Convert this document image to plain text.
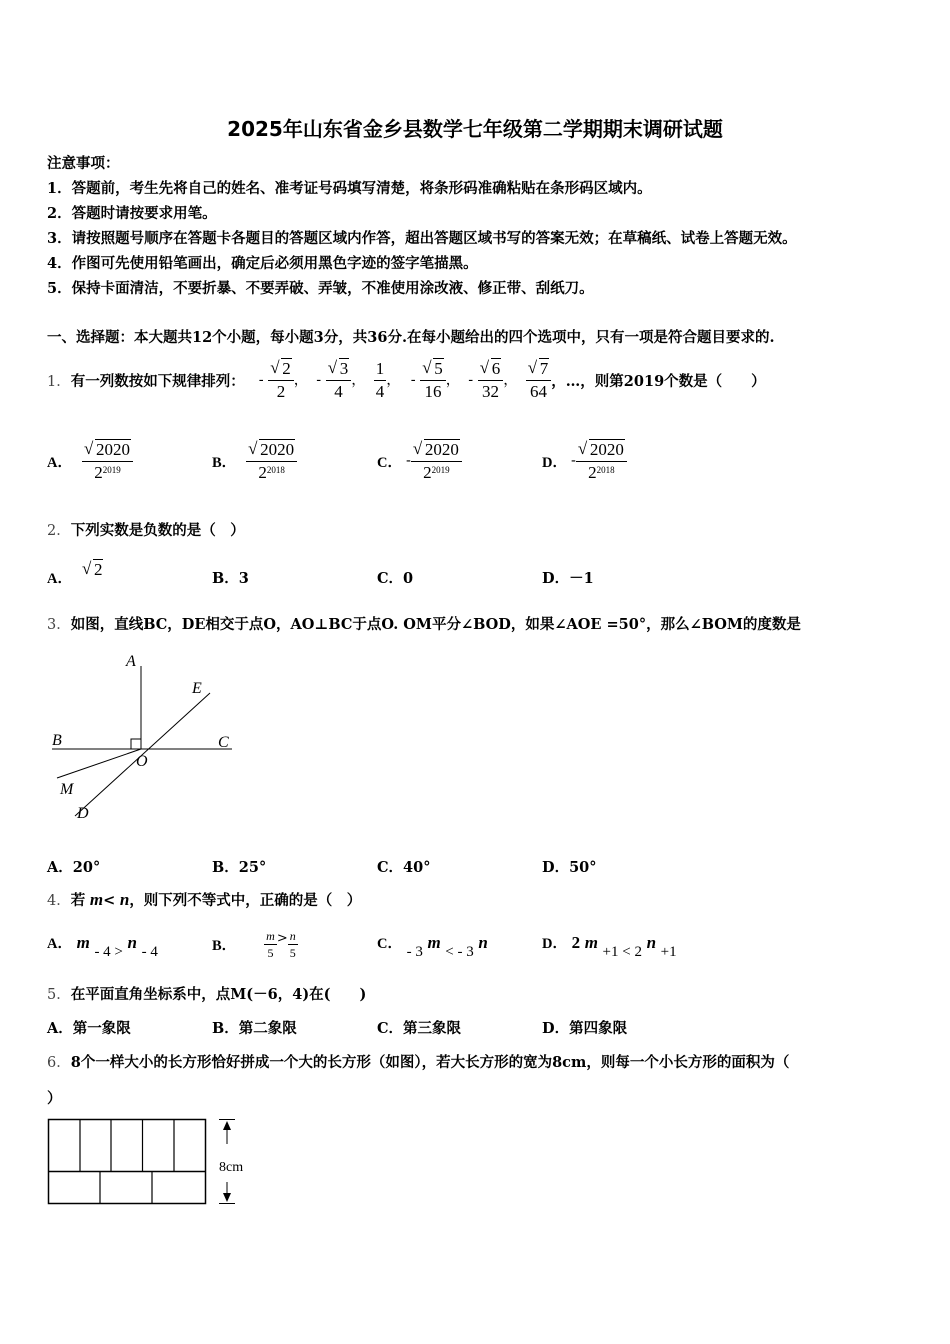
2025年山东省金乡县数学七年级第二学期期末调研试题
注意事项：
1．答题前，考生先将自己的姓名、准考证号码填写清楚，将条形码准确粘贴在条形码区域内。
2．答题时请按要求用笔。
3．请按照题号顺序在答题卡各题目的答题区域内作答，超出答题区域书写的答案无效；在草稿纸、试卷上答题无效。
4．作图可先使用铅笔画出，确定后必须用黑色字迹的签字笔描黑。
5．保持卡面清洁，不要折暴、不要弄破、弄皱，不准使用涂改液、修正带、刮纸刀。
一、选择题：本大题共12个小题，每小题3分，共36分.在每小题给出的四个选项中，只有一项是符合题目要求的.
1． 有一列数按如下规律排列： - √ $\frac{2}{2}$ ， - √ $\frac{3}{4}$ ， $\frac{1}{4}$ ， - √ $\frac{5}{16}$ ， - √ $\frac{6}{32}$ ， √ $\frac{7}{64}$ ，…，则第2019个数是（　　）
A． √ $\frac{2020}{2^{2019}}$	B． √ $\frac{2020}{2^{2018}}$	C． - √ $\frac{2020}{2^{2019}}$	D． - √ $\frac{2020}{2^{2018}}$
2．下列实数是负数的是（　）
A．	√ 2	B．3	C．0	D．－1
3．如图，直线BC，DE相交于点O，AO⊥BC于点O. OM平分∠BOD，如果∠AOE =50°，那么∠BOM的度数是
A
E
B	C
O
M
D
A．20°	B．25°	C．40°	D．50°
4．若 m< n，则下列不等式中，正确的是（　）
A． m - 4 > n - 4	B． $\frac{m}{5} > \frac{n}{5}$	C． - 3 m < - 3 n	D． 2 m +1 < 2 n +1
5．在平面直角坐标系中，点M(－6，4)在(　　)
A．第一象限	B．第二象限	C．第三象限	D．第四象限
6．8个一样大小的长方形恰好拼成一个大的长方形（如图），若大长方形的宽为8cm，则每一个小长方形的面积为（
）
8cm
